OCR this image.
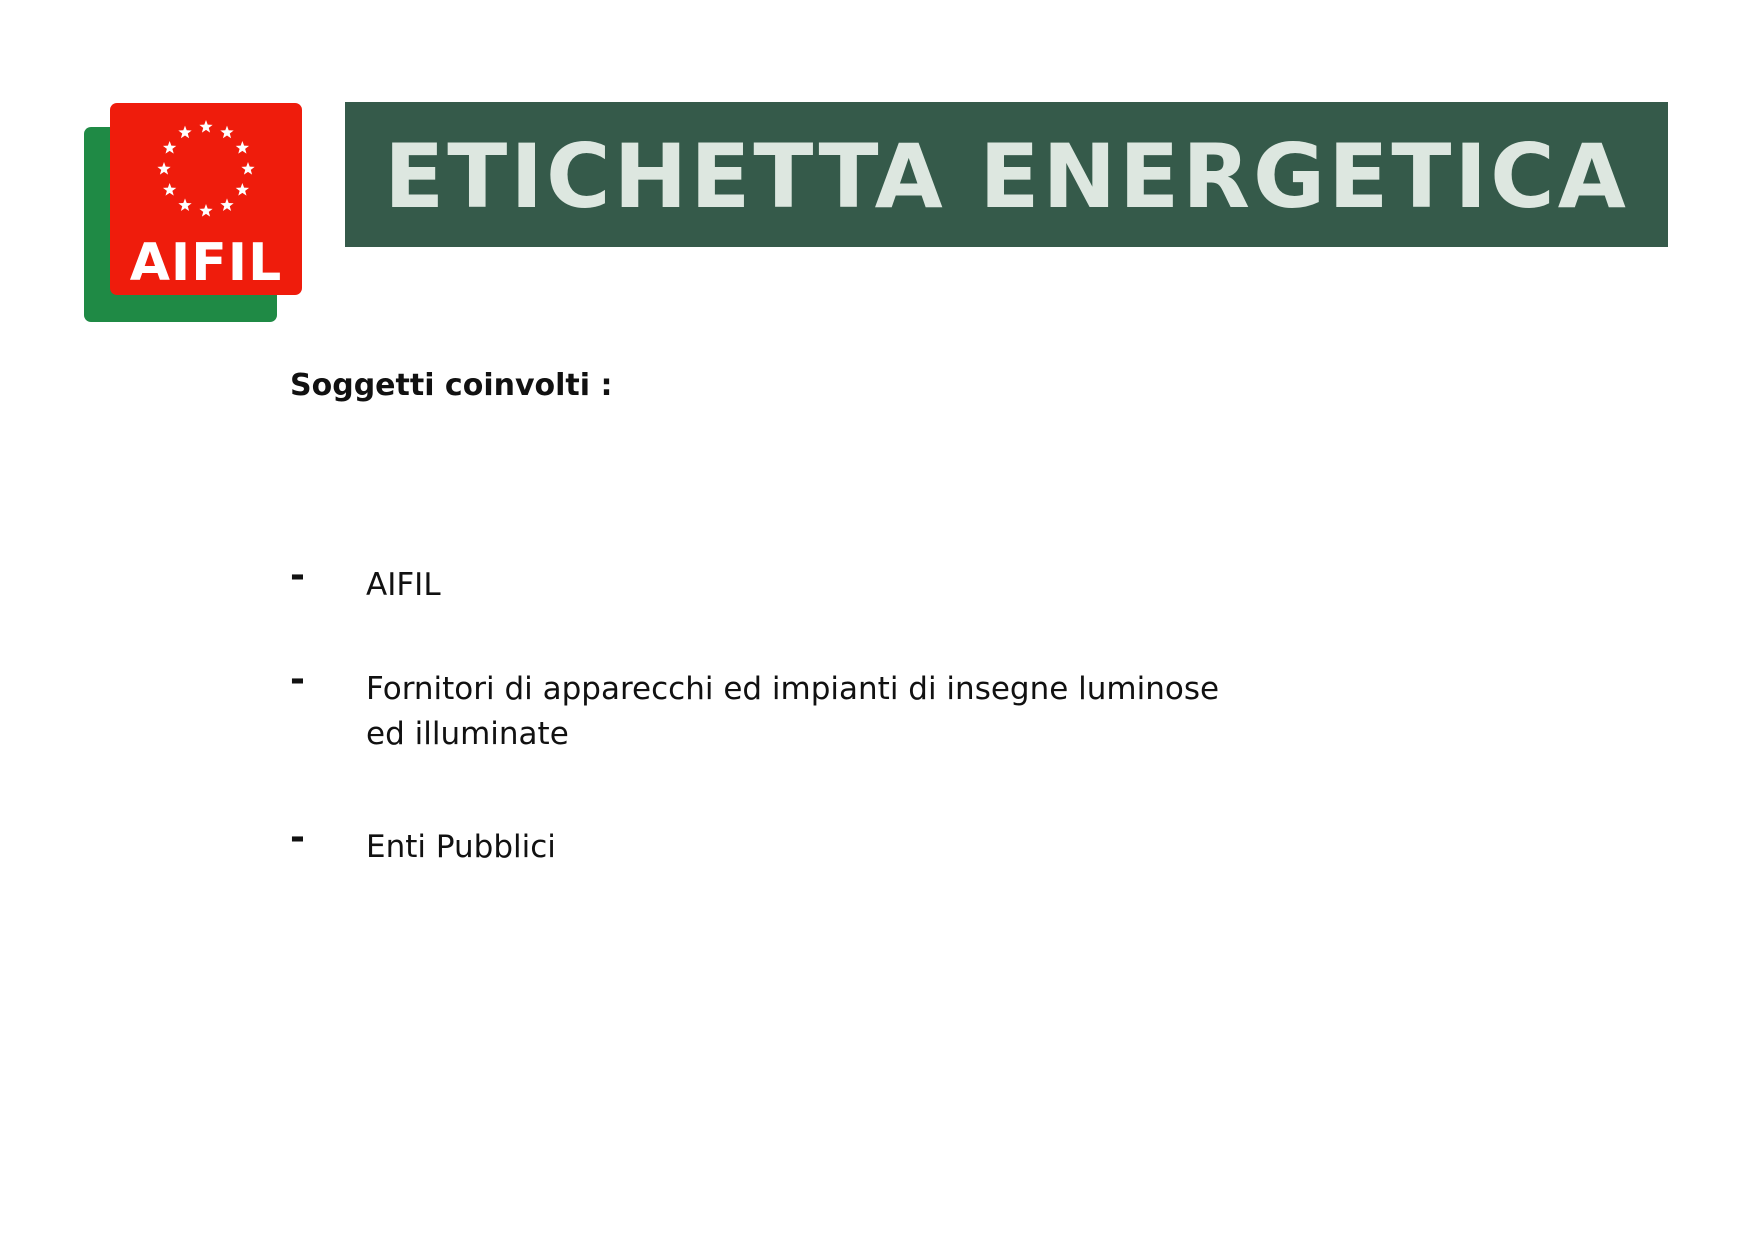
AIFIL
ETICHETTA ENERGETICA
Soggetti coinvolti :
- AIFIL
- Fornitori di apparecchi ed impianti di insegne luminose ed illuminate
- Enti Pubblici
